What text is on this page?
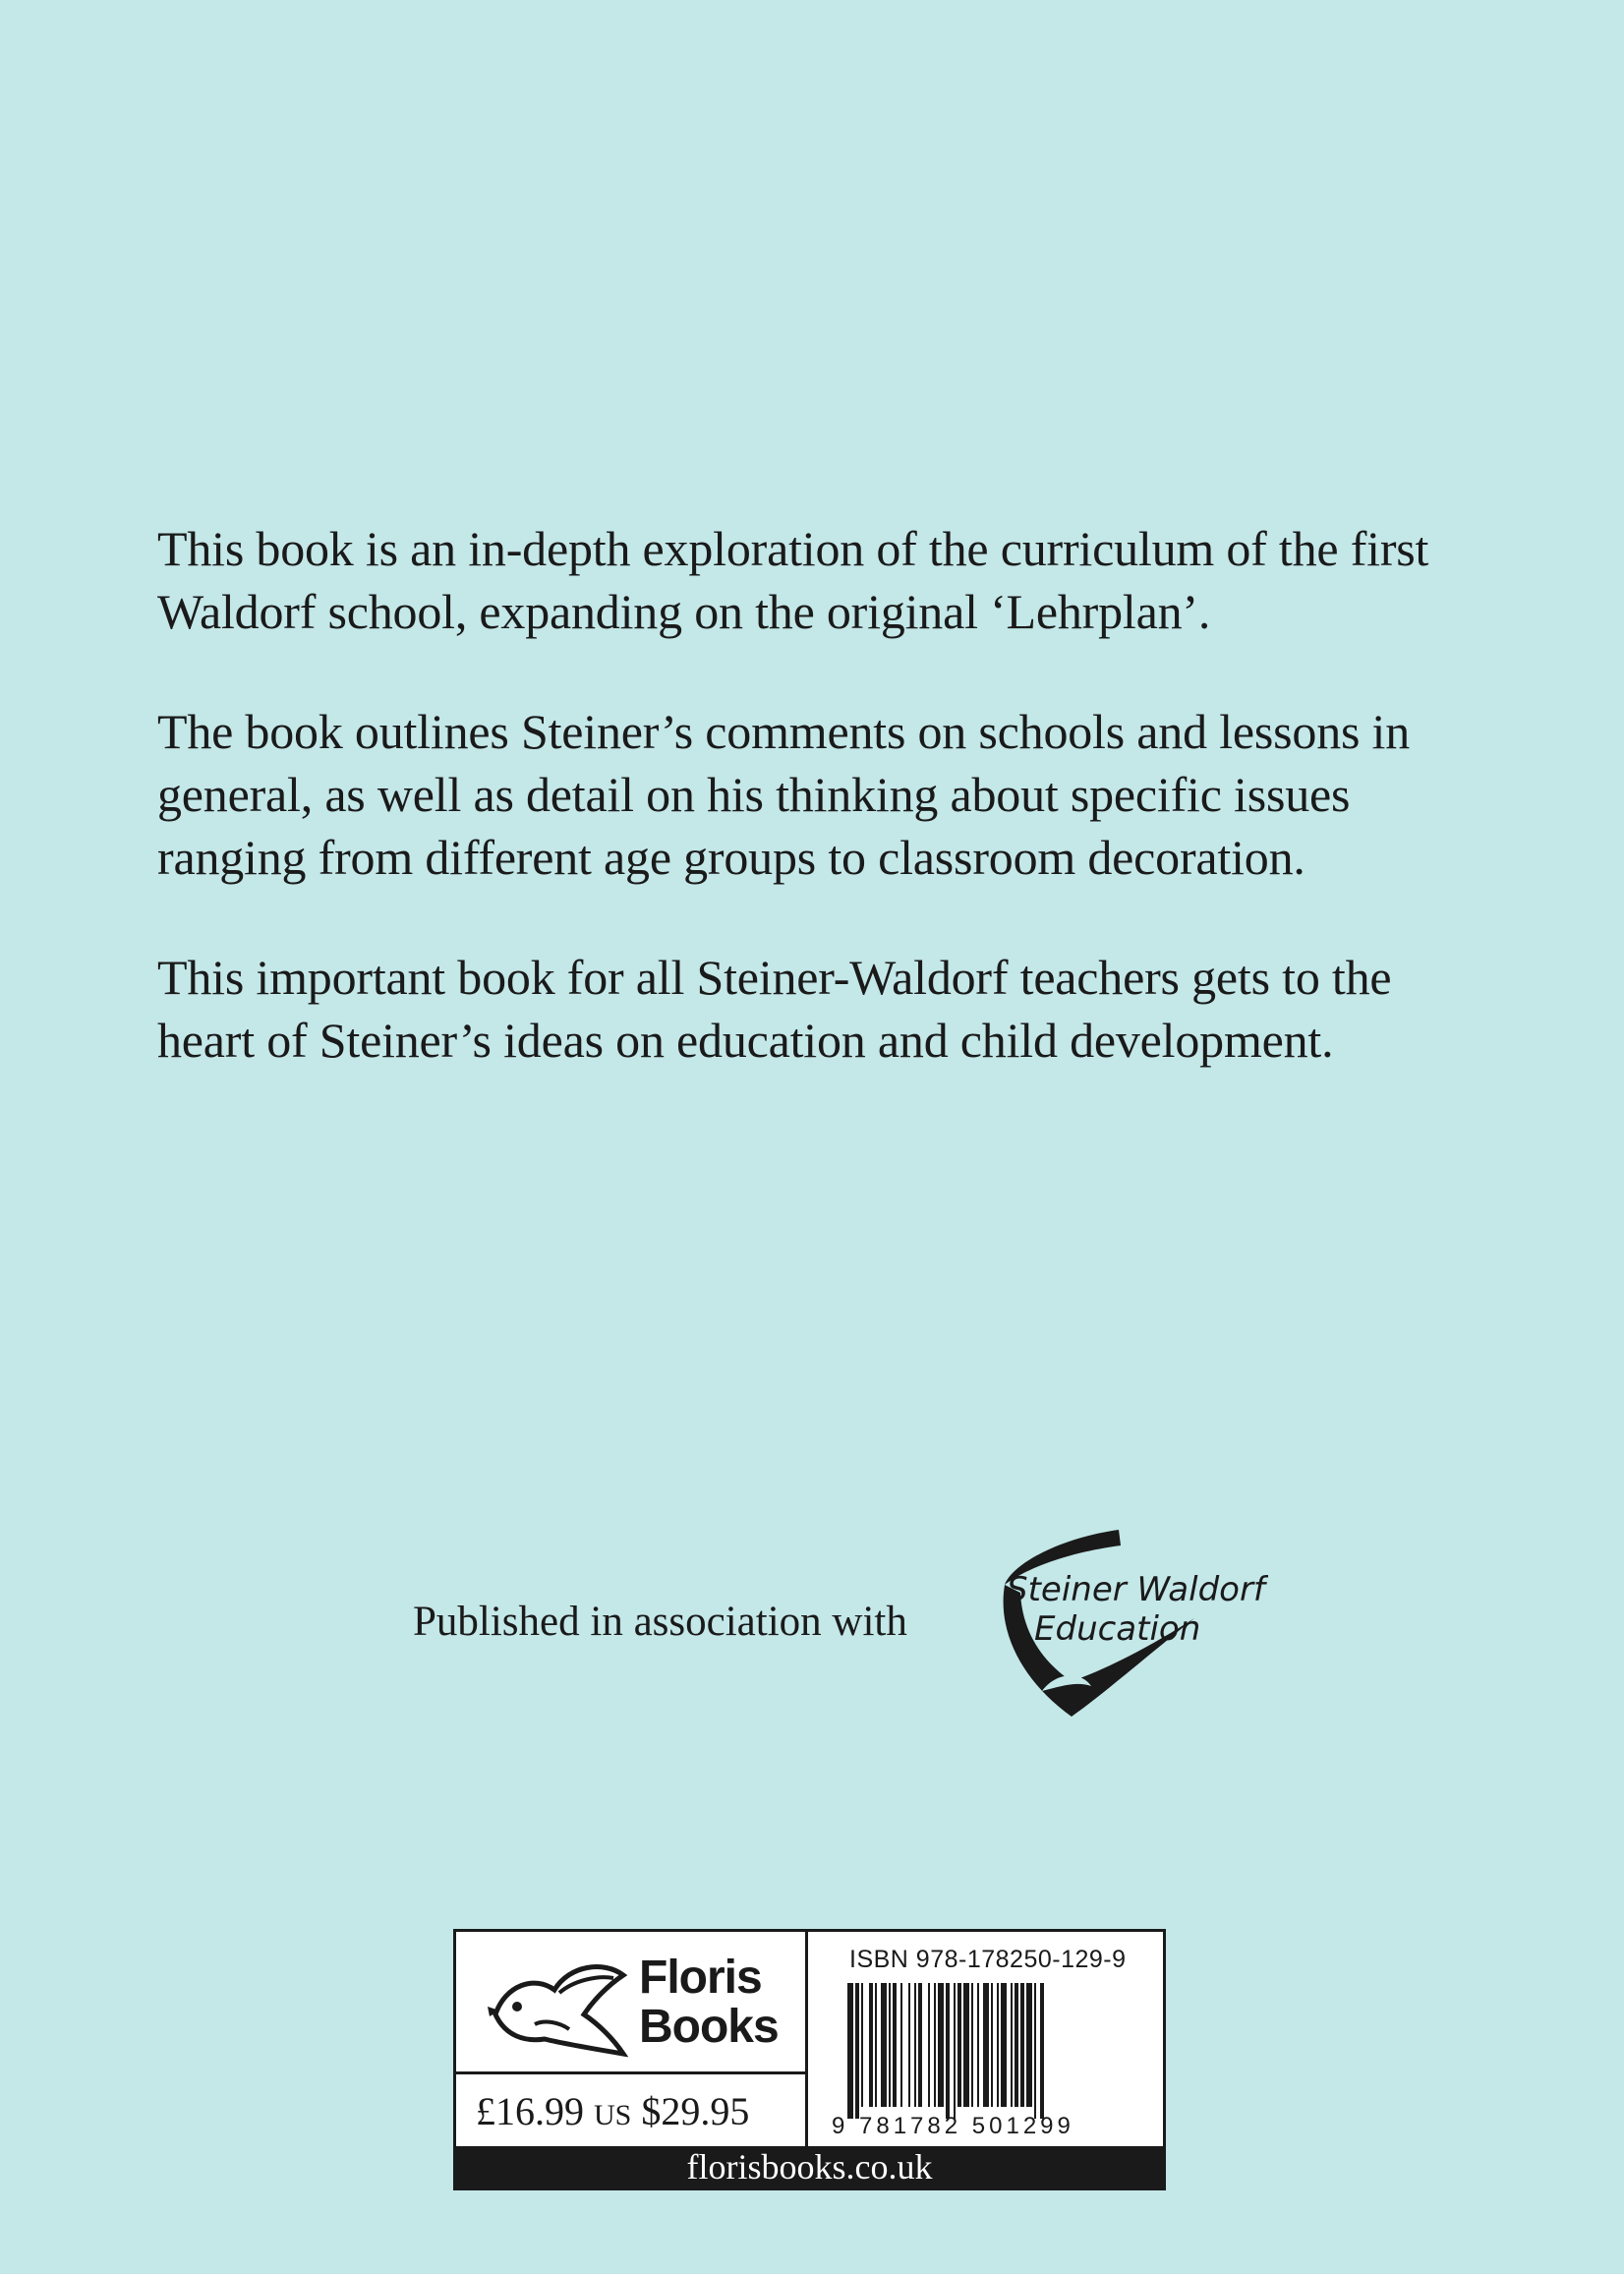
This book is an in-depth exploration of the curriculum of the first Waldorf school, expanding on the original ‘Lehrplan’.

The book outlines Steiner’s comments on schools and lessons in general, as well as detail on his thinking about specific issues ranging from different age groups to classroom decoration.

This important book for all Steiner-Waldorf teachers gets to the heart of Steiner’s ideas on education and child development.

Published in association with
Steiner Waldorf
Education
Floris
Books
£16.99 US $29.95
ISBN 978-178250-129-9
9 781782 501299
florisbooks.co.uk
